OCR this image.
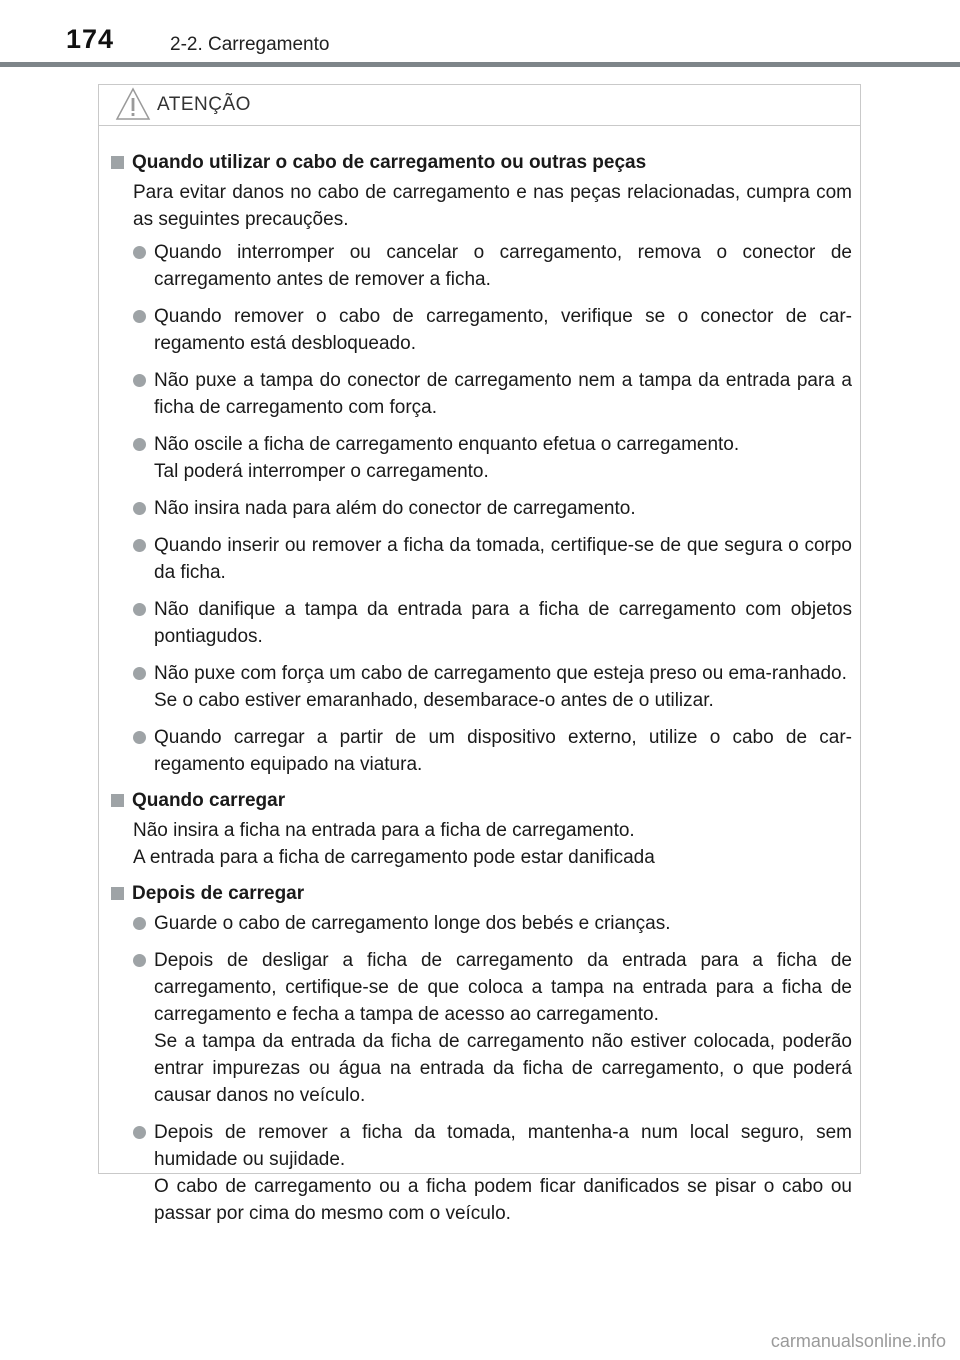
174	2-2. Carregamento
ATENÇÃO
Quando utilizar o cabo de carregamento ou outras peças
Para evitar danos no cabo de carregamento e nas peças relacionadas, cumpra com as seguintes precauções.

Quando interromper ou cancelar o carregamento, remova o conector de carregamento antes de remover a ficha.

Quando remover o cabo de carregamento, verifique se o conector de car-regamento está desbloqueado.

Não puxe a tampa do conector de carregamento nem a tampa da entrada para a ficha de carregamento com força.

Não oscile a ficha de carregamento enquanto efetua o carregamento.

Tal poderá interromper o carregamento.

Não insira nada para além do conector de carregamento.

Quando inserir ou remover a ficha da tomada, certifique-se de que segura o corpo da ficha.

Não danifique a tampa da entrada para a ficha de carregamento com objetos pontiagudos.

Não puxe com força um cabo de carregamento que esteja preso ou ema-ranhado.

Se o cabo estiver emaranhado, desembarace-o antes de o utilizar.

Quando carregar a partir de um dispositivo externo, utilize o cabo de car-regamento equipado na viatura.

Quando carregar
Não insira a ficha na entrada para a ficha de carregamento.
A entrada para a ficha de carregamento pode estar danificada
Depois de carregar

Guarde o cabo de carregamento longe dos bebés e crianças.

Depois de desligar a ficha de carregamento da entrada para a ficha de carregamento, certifique-se de que coloca a tampa na entrada para a ficha de carregamento e fecha a tampa de acesso ao carregamento.

Se a tampa da entrada da ficha de carregamento não estiver colocada, poderão entrar impurezas ou água na entrada da ficha de carregamento, o que poderá causar danos no veículo.

Depois de remover a ficha da tomada, mantenha-a num local seguro, sem humidade ou sujidade.

O cabo de carregamento ou a ficha podem ficar danificados se pisar o cabo ou passar por cima do mesmo com o veículo.

carmanualsonline.info
